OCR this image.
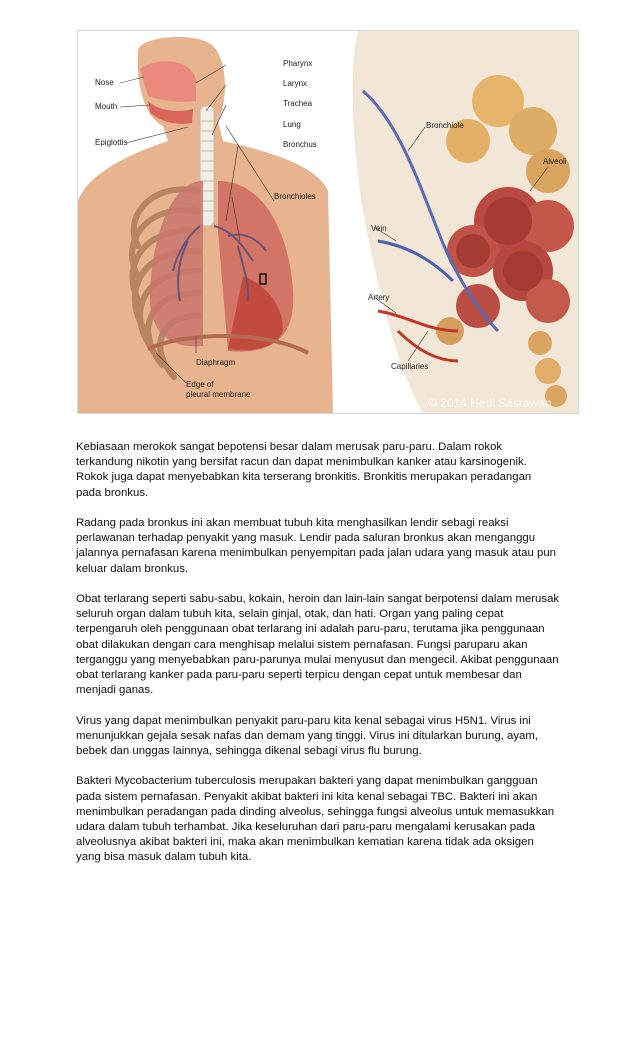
Nose
Mouth
Epiglottis
Pharynx
Larynx
Trachea
Lung
Bronchus
Bronchioles
Diaphragm
Edge of pleural membrane
Bronchiole
Alveoli
Vein
Artery
Capillaries
© 2014 Hedi Sasrawan

Kebiasaan merokok sangat bepotensi besar dalam merusak paru-paru. Dalam rokok
terkandung nikotin yang bersifat racun dan dapat menimbulkan kanker atau karsinogenik.
Rokok juga dapat menyebabkan kita terserang bronkitis. Bronkitis merupakan peradangan
pada bronkus.

Radang pada bronkus ini akan membuat tubuh kita menghasilkan lendir sebagi reaksi
perlawanan terhadap penyakit yang masuk. Lendir pada saluran bronkus akan menganggu
jalannya pernafasan karena menimbulkan penyempitan pada jalan udara yang masuk atau pun
keluar dalam bronkus.

Obat terlarang seperti sabu-sabu, kokain, heroin dan lain-lain sangat berpotensi dalam merusak
seluruh organ dalam tubuh kita, selain ginjal, otak, dan hati. Organ yang paling cepat
terpengaruh oleh penggunaan obat terlarang ini adalah paru-paru, terutama jika penggunaan
obat dilakukan dengan cara menghisap melalui sistem pernafasan. Fungsi paruparu akan
terganggu yang menyebabkan paru-parunya mulai menyusut dan mengecil. Akibat penggunaan
obat terlarang kanker pada paru-paru seperti terpicu dengan cepat untuk membesar dan
menjadi ganas.

Virus yang dapat menimbulkan penyakit paru-paru kita kenal sebagai virus H5N1. Virus ini
menunjukkan gejala sesak nafas dan demam yang tinggi. Virus ini ditularkan burung, ayam,
bebek dan unggas lainnya, sehingga dikenal sebagi virus flu burung.

Bakteri Mycobacterium tuberculosis merupakan bakteri yang dapat menimbulkan gangguan
pada sistem pernafasan. Penyakit akibat bakteri ini kita kenal sebagai TBC. Bakteri ini akan
menimbulkan peradangan pada dinding alveolus, sehingga fungsi alveolus untuk memasukkan
udara dalam tubuh terhambat. Jika keseluruhan dari paru-paru mengalami kerusakan pada
alveolusnya akibat bakteri ini, maka akan menimbulkan kematian karena tidak ada oksigen
yang bisa masuk dalam tubuh kita.
